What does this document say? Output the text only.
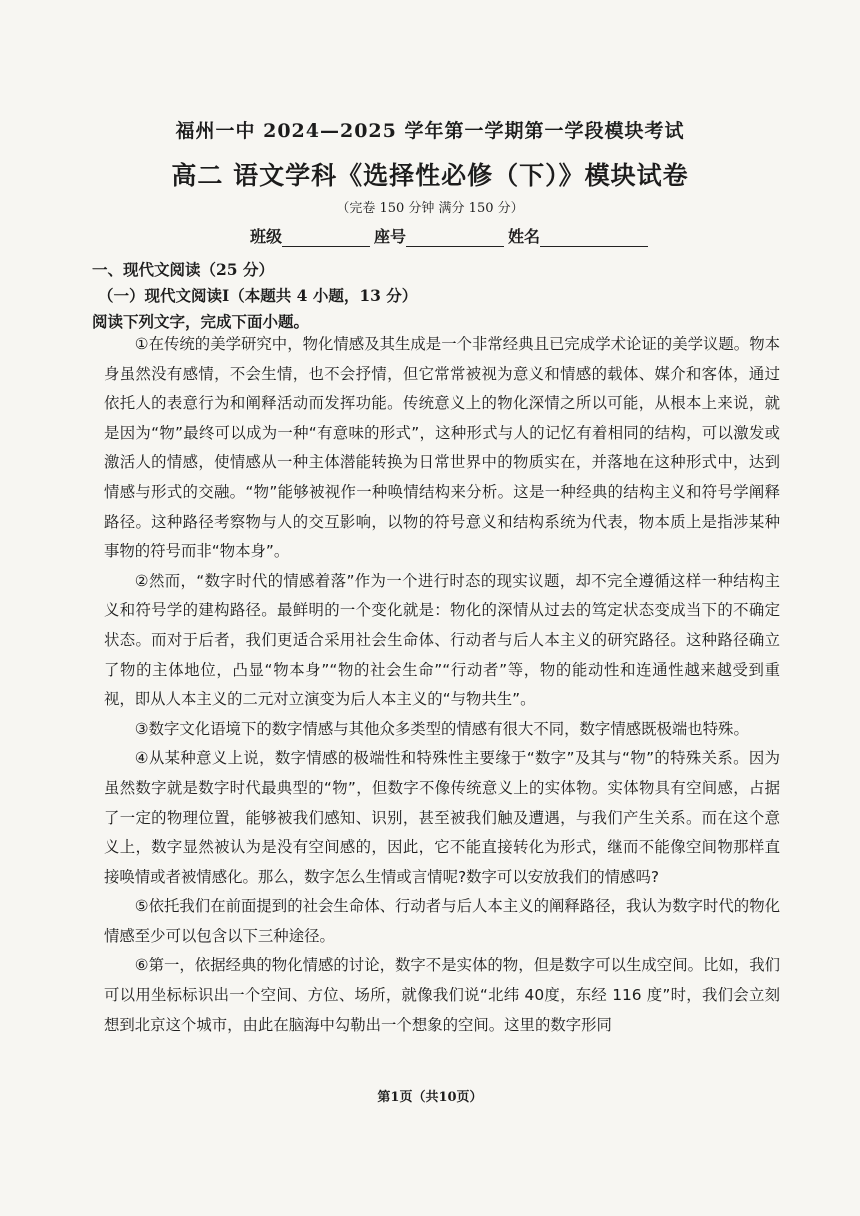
福州一中 2024—2025 学年第一学期第一学段模块考试
高二 语文学科《选择性必修（下）》模块试卷
（完卷 150 分钟 满分 150 分）
班级	座号	姓名
一、现代文阅读（25 分）
（一）现代文阅读Ⅰ（本题共 4 小题，13 分）
阅读下列文字，完成下面小题。

①在传统的美学研究中，物化情感及其生成是一个非常经典且已完成学术论证的美学议题。物本身虽然没有感情，不会生情，也不会抒情，但它常常被视为意义和情感的载体、媒介和客体，通过依托人的表意行为和阐释活动而发挥功能。传统意义上的物化深情之所以可能，从根本上来说，就是因为“物”最终可以成为一种“有意味的形式”，这种形式与人的记忆有着相同的结构，可以激发或激活人的情感，使情感从一种主体潜能转换为日常世界中的物质实在，并落地在这种形式中，达到情感与形式的交融。“物”能够被视作一种唤情结构来分析。这是一种经典的结构主义和符号学阐释路径。这种路径考察物与人的交互影响，以物的符号意义和结构系统为代表，物本质上是指涉某种事物的符号而非“物本身”。

②然而，“数字时代的情感着落”作为一个进行时态的现实议题，却不完全遵循这样一种结构主义和符号学的建构路径。最鲜明的一个变化就是：物化的深情从过去的笃定状态变成当下的不确定状态。而对于后者，我们更适合采用社会生命体、行动者与后人本主义的研究路径。这种路径确立了物的主体地位，凸显“物本身”“物的社会生命”“行动者”等，物的能动性和连通性越来越受到重视，即从人本主义的二元对立演变为后人本主义的“与物共生”。

③数字文化语境下的数字情感与其他众多类型的情感有很大不同，数字情感既极端也特殊。

④从某种意义上说，数字情感的极端性和特殊性主要缘于“数字”及其与“物”的特殊关系。因为虽然数字就是数字时代最典型的“物”，但数字不像传统意义上的实体物。实体物具有空间感，占据了一定的物理位置，能够被我们感知、识别，甚至被我们触及遭遇，与我们产生关系。而在这个意义上，数字显然被认为是没有空间感的，因此，它不能直接转化为形式，继而不能像空间物那样直接唤情或者被情感化。那么，数字怎么生情或言情呢?数字可以安放我们的情感吗?

⑤依托我们在前面提到的社会生命体、行动者与后人本主义的阐释路径，我认为数字时代的物化情感至少可以包含以下三种途径。

⑥第一，依据经典的物化情感的讨论，数字不是实体的物，但是数字可以生成空间。比如，我们可以用坐标标识出一个空间、方位、场所，就像我们说“北纬 40度，东经 116 度”时，我们会立刻想到北京这个城市，由此在脑海中勾勒出一个想象的空间。这里的数字形同

第1页（共10页）
